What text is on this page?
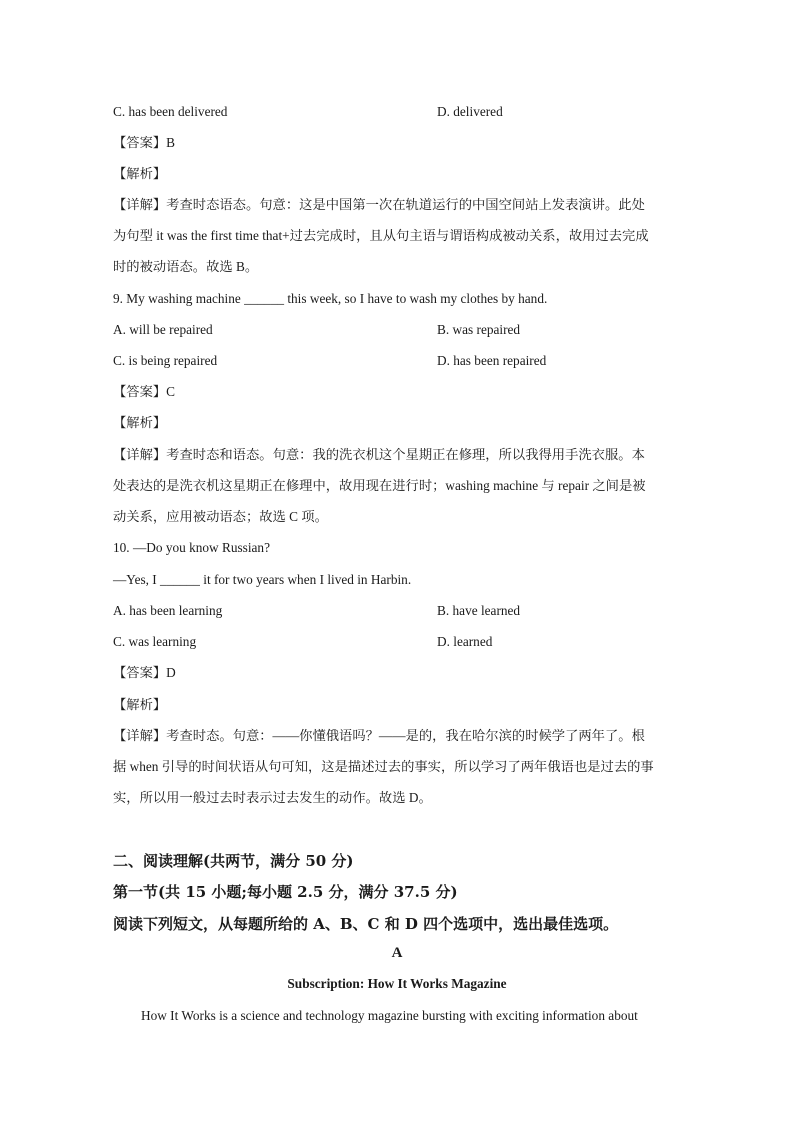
C. has been delivered	D. delivered
【答案】B
【解析】
【详解】考查时态语态。句意：这是中国第一次在轨道运行的中国空间站上发表演讲。此处
为句型 it was the first time that+过去完成时，且从句主语与谓语构成被动关系，故用过去完成
时的被动语态。故选 B。
9. My washing machine ______ this week, so I have to wash my clothes by hand.
A. will be repaired	B. was repaired
C. is being repaired	D. has been repaired
【答案】C
【解析】
【详解】考查时态和语态。句意：我的洗衣机这个星期正在修理，所以我得用手洗衣服。本
处表达的是洗衣机这星期正在修理中，故用现在进行时；washing machine 与 repair 之间是被
动关系，应用被动语态；故选 C 项。
10. —Do you know Russian?
—Yes, I ______ it for two years when I lived in Harbin.
A. has been learning	B. have learned
C. was learning	D. learned
【答案】D
【解析】
【详解】考查时态。句意：——你懂俄语吗？——是的，我在哈尔滨的时候学了两年了。根
据 when 引导的时间状语从句可知，这是描述过去的事实，所以学习了两年俄语也是过去的事
实，所以用一般过去时表示过去发生的动作。故选 D。
二、阅读理解(共两节，满分 50 分)
第一节(共 15 小题;每小题 2.5 分，满分 37.5 分)
阅读下列短文，从每题所给的 A、B、C 和 D 四个选项中，选出最佳选项。
A
Subscription: How It Works Magazine
How It Works is a science and technology magazine bursting with exciting information about
